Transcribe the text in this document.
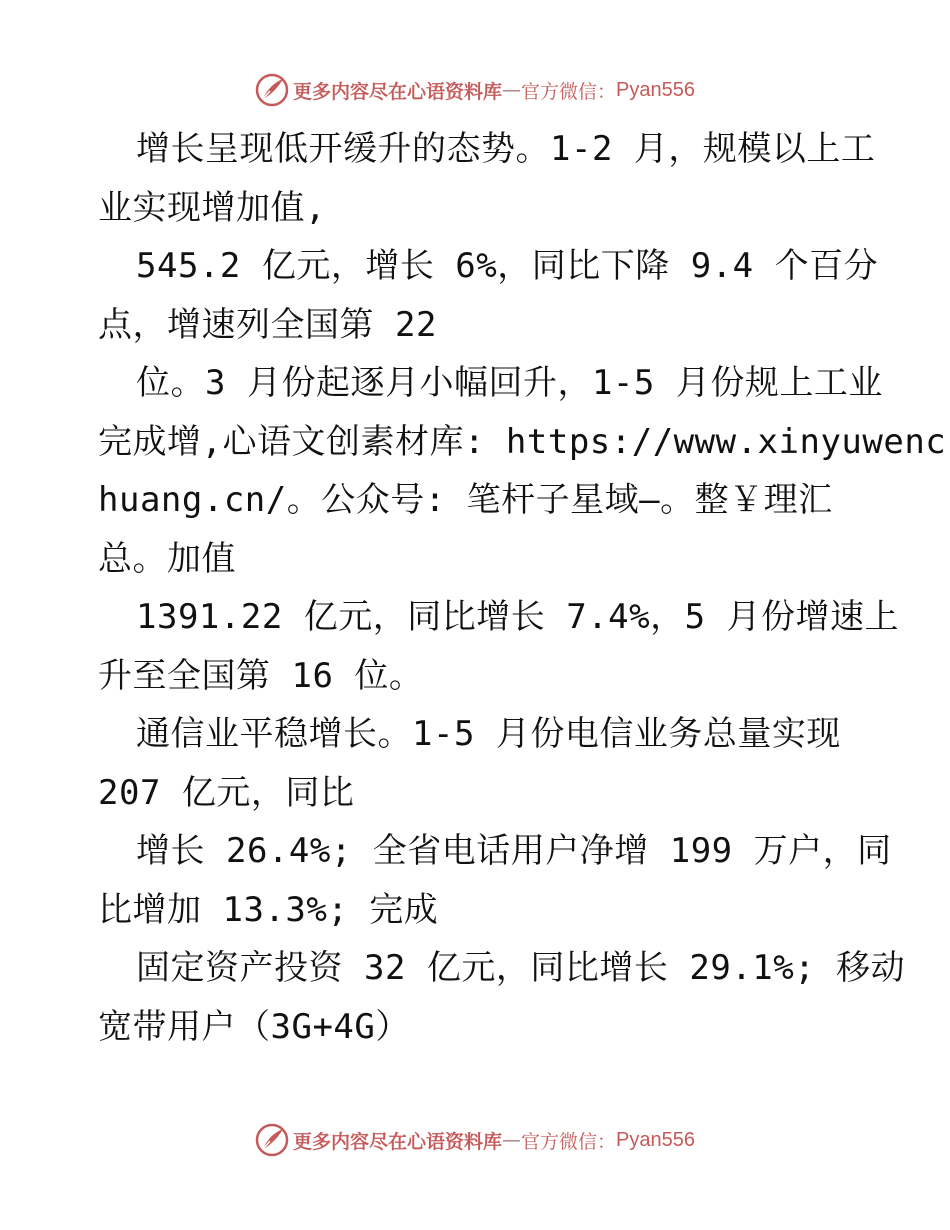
更多内容尽在心语资料库 — 官方微信： Pyan556
增长呈现低开缓升的态势。1-2 月，规模以上工
业实现增加值,
545.2 亿元，增长 6%，同比下降 9.4 个百分
点，增速列全国第 22
位。3 月份起逐月小幅回升，1-5 月份规上工业
完成增,心语文创素材库: https://www.xinyuwenc
huang.cn/。公众号: 笔杆子星域—。整￥理汇
总。加值
1391.22 亿元，同比增长 7.4%，5 月份增速上
升至全国第 16 位。
通信业平稳增长。1-5 月份电信业务总量实现
207 亿元，同比
增长 26.4%; 全省电话用户净增 199 万户，同
比增加 13.3%; 完成
固定资产投资 32 亿元，同比增长 29.1%; 移动
宽带用户（3G+4G）
更多内容尽在心语资料库 — 官方微信： Pyan556
